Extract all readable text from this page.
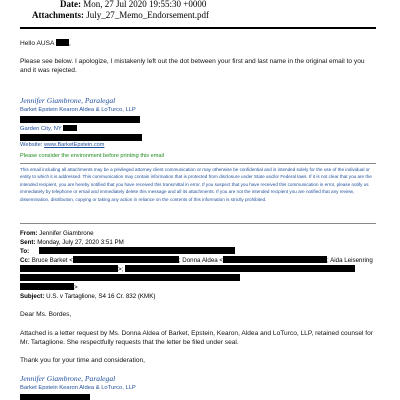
Date: Mon, 27 Jul 2020 19:55:30 +0000
Attachments: July_27_Memo_Endorsement.pdf
Hello AUSA ,
Please see below. I apologize, I mistakenly left out the dot between your first and last name in the original email to you
and it was rejected.
Jennifer Giambrone, Paralegal
Barket Epstein Kearon Aldea & LoTurco, LLP
Garden City, NY
Website: www.BarketEpstein.com
Please consider the environment before printing this email
This email including all attachments may be a privileged attorney client communication or may otherwise be confidential and is intended solely for the use of the individual or entity to which it is addressed. This communication may contain information that is protected from disclosure under State and/or Federal laws. If it is not clear that you are the intended recipient, you are hereby notified that you have received this transmittal in error. If you suspect that you have received this communication in error, please notify us immediately by telephone or email and immediately delete this message and all its attachments. If you are not the intended recipient you are notified that any review, dissemination, distribution, copying or taking any action in reliance on the contents of this information is strictly prohibited.
From: Jennifer Giambrone
Sent: Monday, July 27, 2020 3:51 PM
To:
Cc: Bruce Barket <	; Donna Aldea <	; Aida Leisenring
>;
>
Subject: U.S. v Tartaglione, S4 16 Cr. 832 (KMK)
Dear Ms. Bordes,
Attached is a letter request by Ms. Donna Aldea of Barket, Epstein, Kearon, Aldea and LoTurco, LLP, retained counsel for
Mr. Tartaglione. She respectfully requests that the letter be filed under seal.
Thank you for your time and consideration,
Jennifer Giambrone, Paralegal
Barket Epstein Kearon Aldea & LoTurco, LLP
